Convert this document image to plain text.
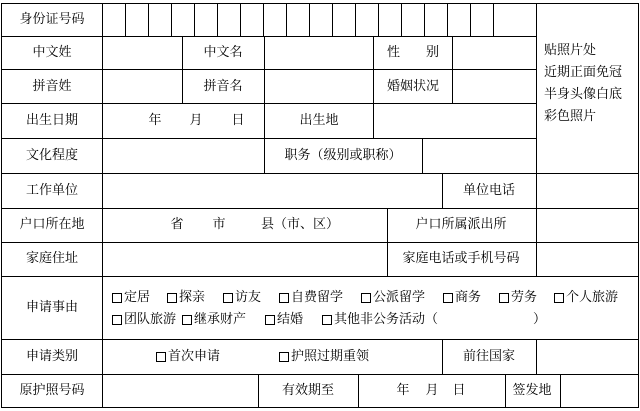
身份证号码
中文姓	中文名	性　　别
拼音姓	拼音名	婚姻状况
出生日期	年 月 日	出生地
文化程度	职务（级别或职称）
工作单位	单位电话
户口所在地	省 市	县（市、区）	户口所属派出所
家庭住址	家庭电话或手机号码
申请事由
定居 探亲 访友 自费留学 公派留学 商务 劳务 个人旅游
团队旅游 继承财产 结婚 其他非公务活动（	）
申请类别	首次申请	护照过期重领	前往国家
原护照号码	有效期至	年 月 日	签发地
贴照片处
近期正面免冠
半身头像白底
彩色照片
